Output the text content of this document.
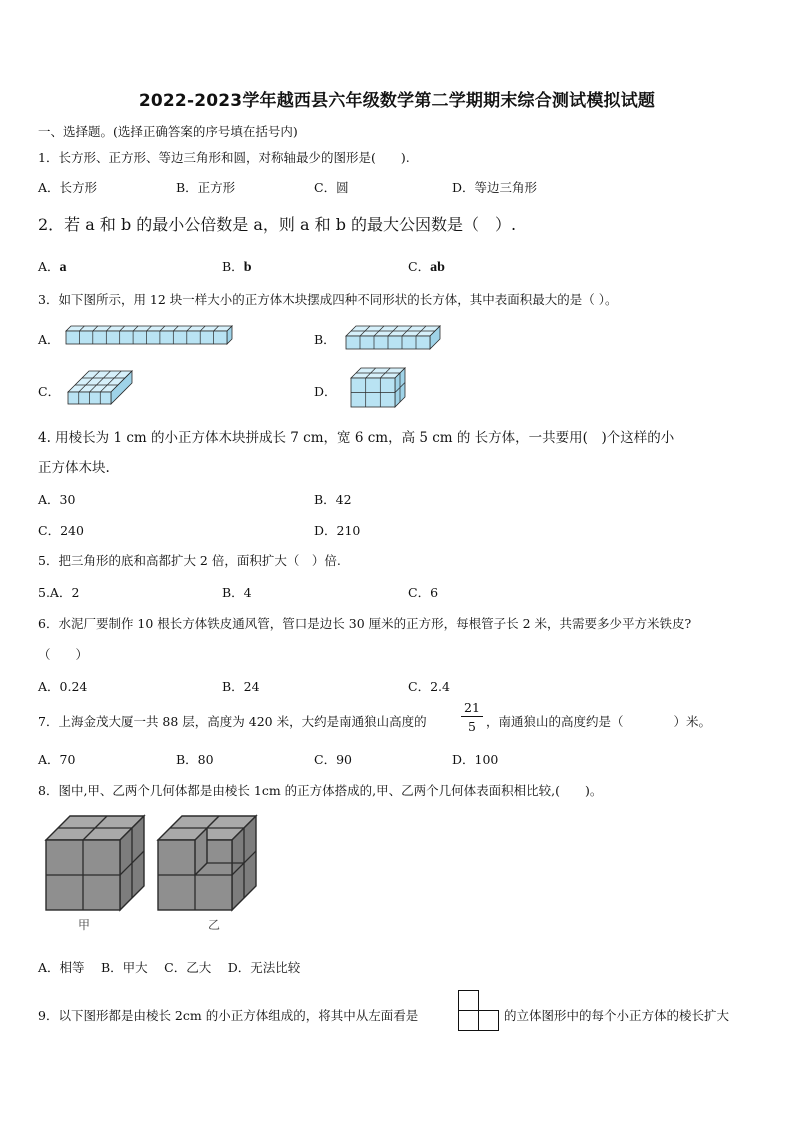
2022-2023学年越西县六年级数学第二学期期末综合测试模拟试题
一、选择题。(选择正确答案的序号填在括号内)
1．长方形、正方形、等边三角形和圆，对称轴最少的图形是(　　).
A．长方形	B．正方形	C．圆	D．等边三角形
2．若 a 和 b 的最小公倍数是 a，则 a 和 b 的最大公因数是（　）.
A．a	B．b	C．ab
3．如下图所示，用 12 块一样大小的正方体木块摆成四种不同形状的长方体，其中表面积最大的是（ ）。
A．	B．
C．	D．
4. 用棱长为 1 cm 的小正方体木块拼成长 7 cm，宽 6 cm，高 5 cm 的 长方体，一共要用(　)个这样的小
正方体木块.
A．30	B．42
C．240	D．210
5．把三角形的底和高都扩大 2 倍，面积扩大（　）倍.
5.A．2	B．4	C．6
6．水泥厂要制作 10 根长方体铁皮通风管，管口是边长 30 厘米的正方形，每根管子长 2 米，共需要多少平方米铁皮?
（　　）
A．0.24	B．24	C．2.4
7．上海金茂大厦一共 88 层，高度为 420 米，大约是南通狼山高度的	$\frac{21}{5}$ ，南通狼山的高度约是（　　　　）米。
A．70	B．80	C．90	D．100
8．图中,甲、乙两个几何体都是由棱长 1cm 的正方体搭成的,甲、乙两个几何体表面积相比较,(　　)。
甲	乙
A．相等　 B．甲大　 C．乙大　 D．无法比较
9．以下图形都是由棱长 2cm 的小正方体组成的，将其中从左面看是	的立体图形中的每个小正方体的棱长扩大
